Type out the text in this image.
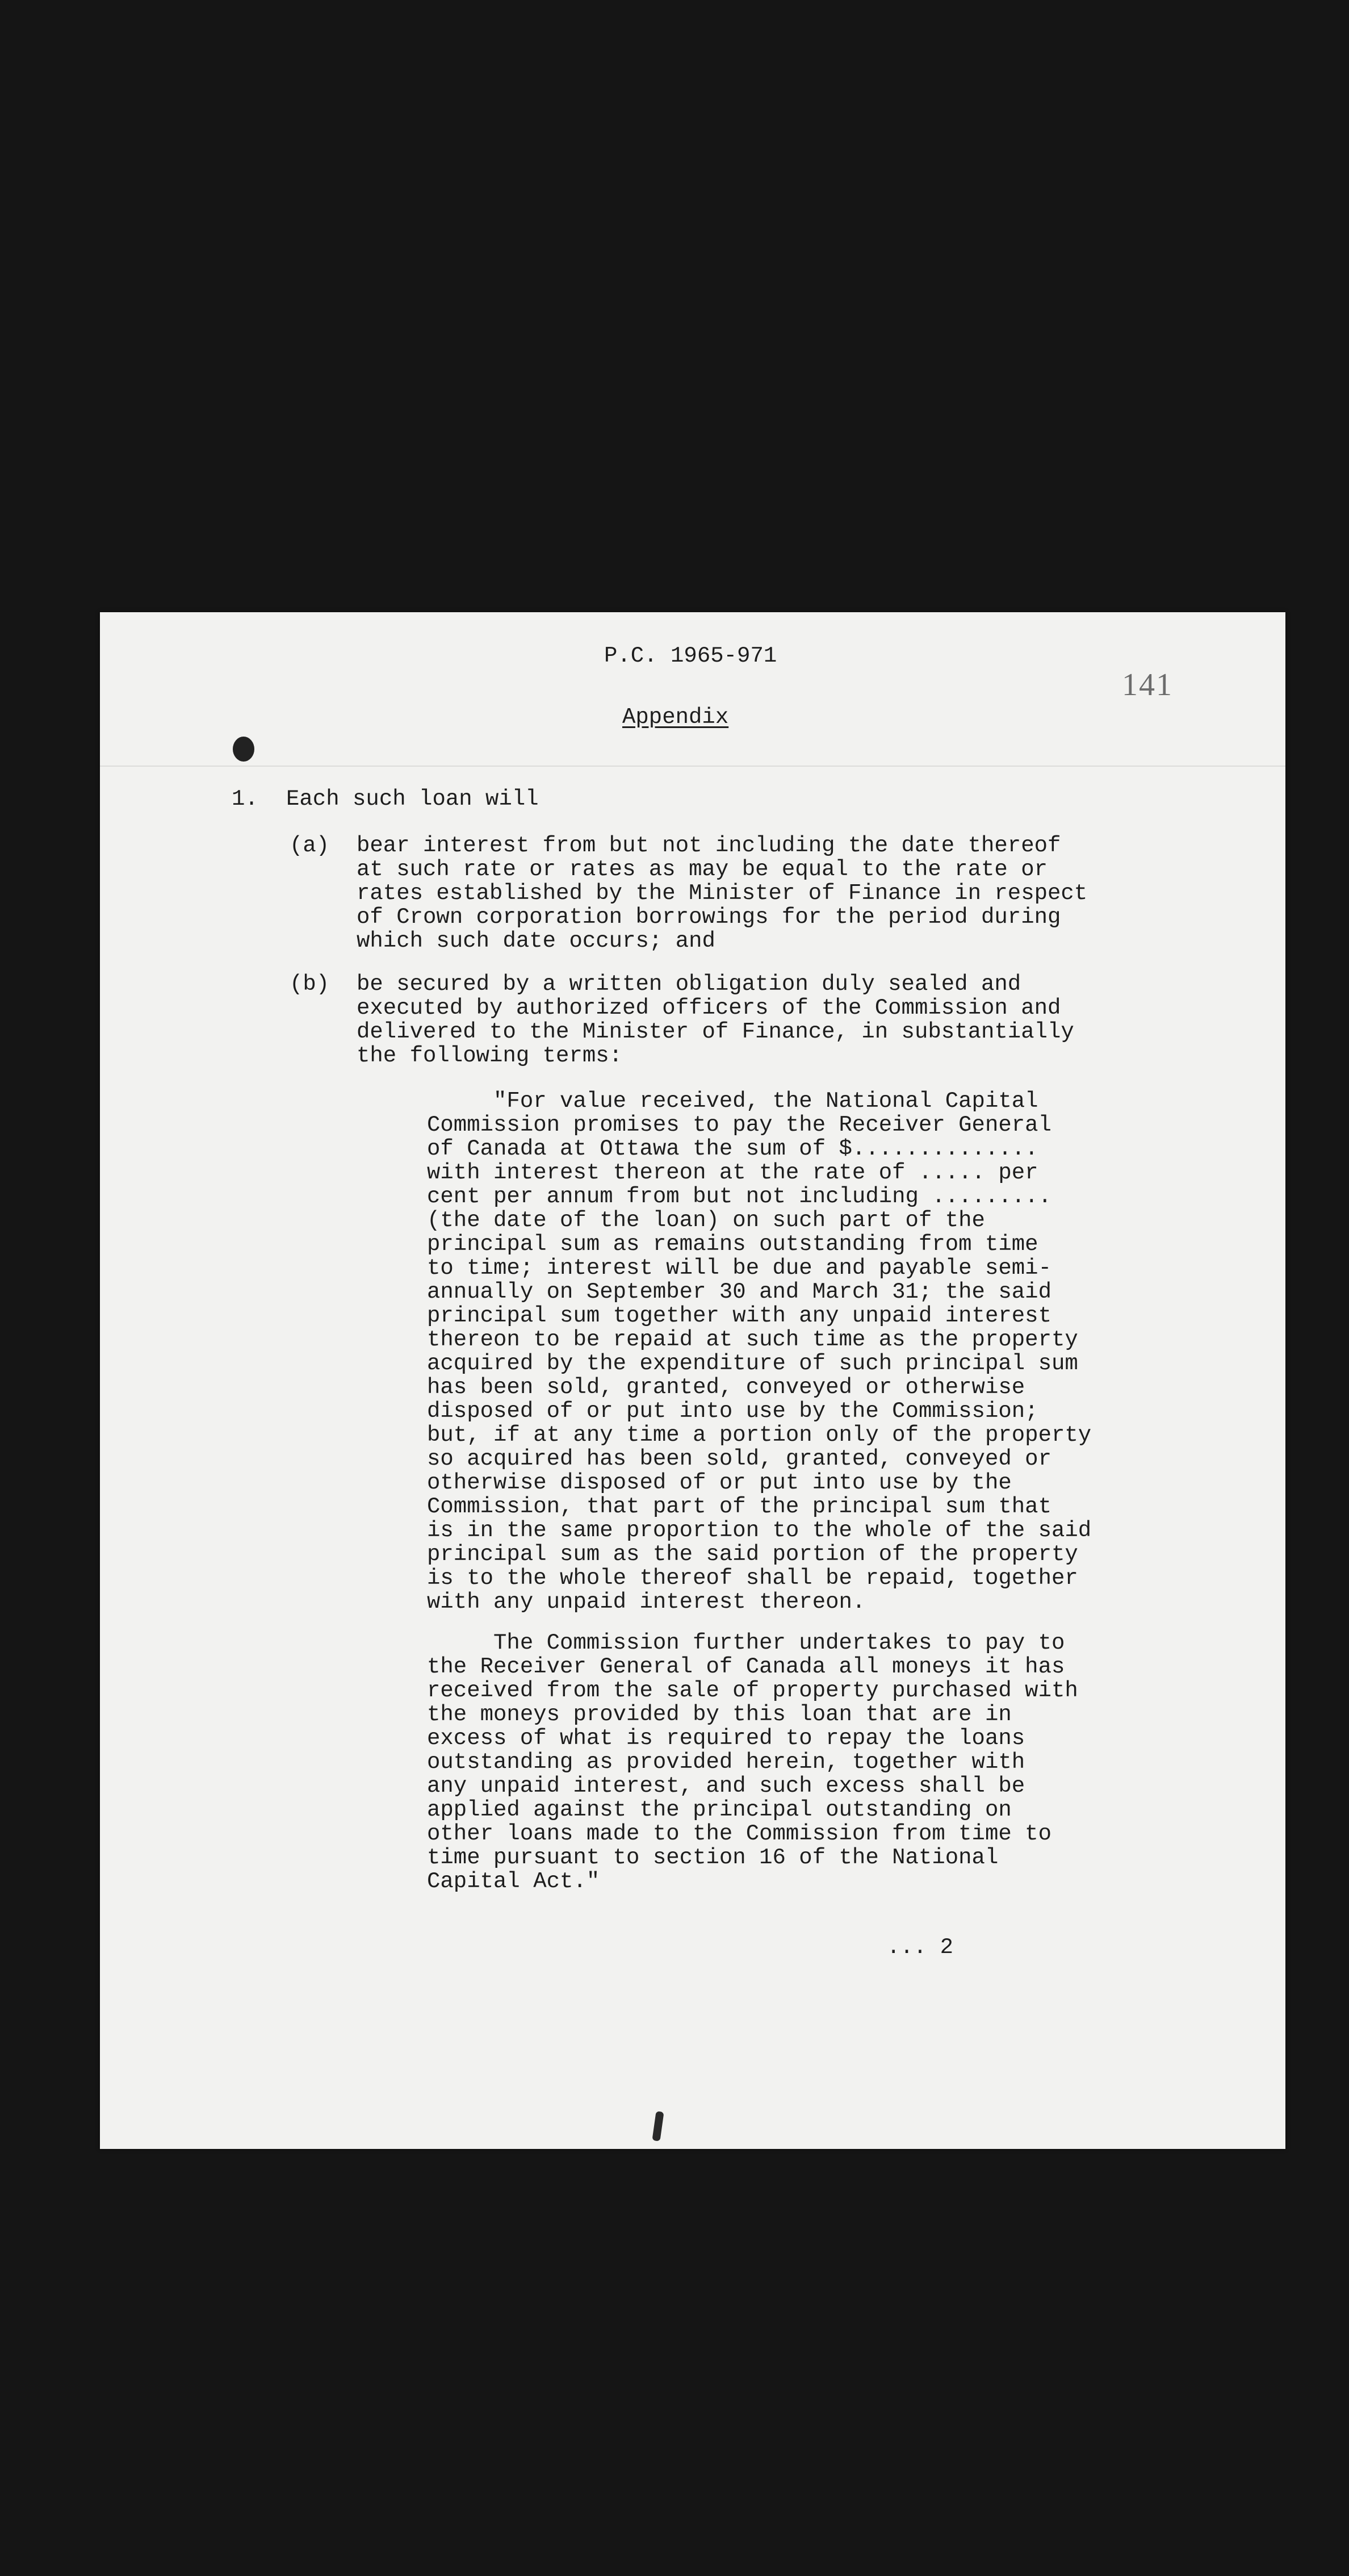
P.C. 1965-971
141
Appendix
1. Each such loan will
(a) bear interest from but not including the date thereof
at such rate or rates as may be equal to the rate or
rates established by the Minister of Finance in respect
of Crown corporation borrowings for the period during
which such date occurs; and
(b) be secured by a written obligation duly sealed and
executed by authorized officers of the Commission and
delivered to the Minister of Finance, in substantially
the following terms:
"For value received, the National Capital
Commission promises to pay the Receiver General
of Canada at Ottawa the sum of $..............
with interest thereon at the rate of ..... per
cent per annum from but not including .........
(the date of the loan) on such part of the
principal sum as remains outstanding from time
to time; interest will be due and payable semi-
annually on September 30 and March 31; the said
principal sum together with any unpaid interest
thereon to be repaid at such time as the property
acquired by the expenditure of such principal sum
has been sold, granted, conveyed or otherwise
disposed of or put into use by the Commission;
but, if at any time a portion only of the property
so acquired has been sold, granted, conveyed or
otherwise disposed of or put into use by the
Commission, that part of the principal sum that
is in the same proportion to the whole of the said
principal sum as the said portion of the property
is to the whole thereof shall be repaid, together
with any unpaid interest thereon.
The Commission further undertakes to pay to
the Receiver General of Canada all moneys it has
received from the sale of property purchased with
the moneys provided by this loan that are in
excess of what is required to repay the loans
outstanding as provided herein, together with
any unpaid interest, and such excess shall be
applied against the principal outstanding on
other loans made to the Commission from time to
time pursuant to section 16 of the National
Capital Act."
... 2
